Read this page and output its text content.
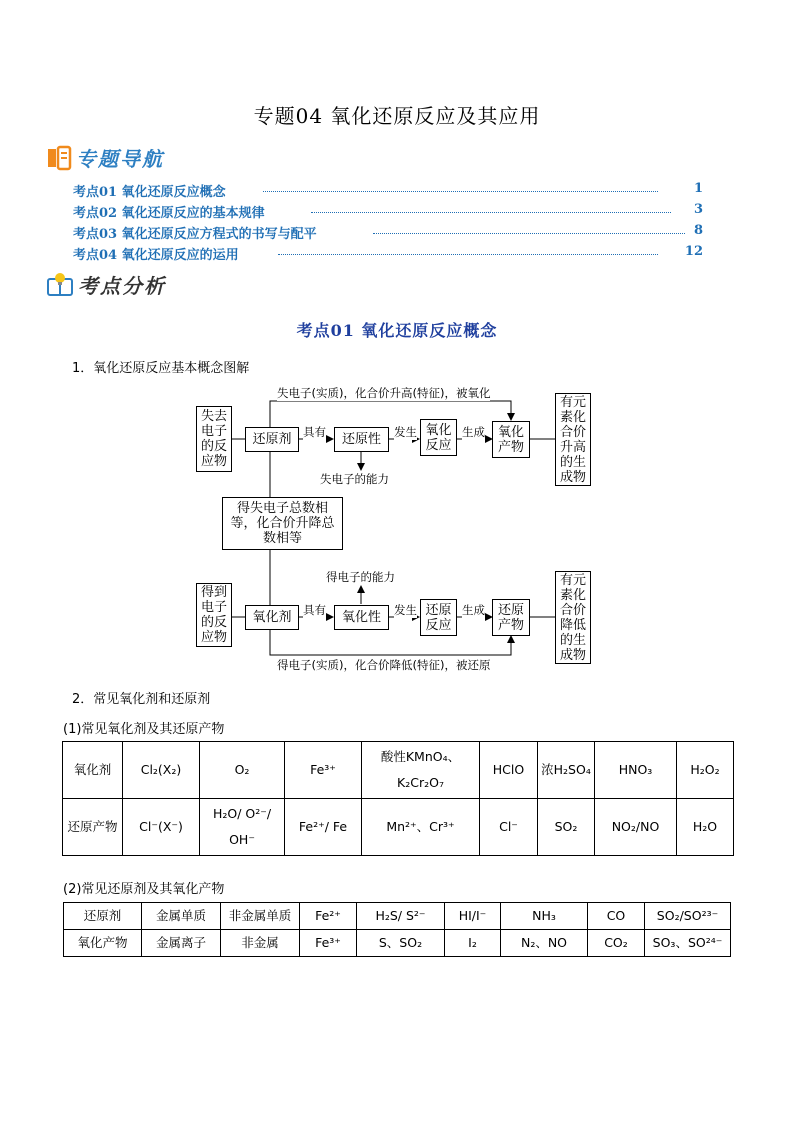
专题04 氧化还原反应及其应用
专题导航
考点01 氧化还原反应概念	1
考点02 氧化还原反应的基本规律	3
考点03 氧化还原反应方程式的书写与配平	8
考点04 氧化还原反应的运用	12
考点分析
考点01 氧化还原反应概念
1．氧化还原反应基本概念图解
失电子(实质)，化合价升高(特征)，被氧化
失去电子的反应物
还原剂	具有	还原性	发生 氧化反应
生成 氧化产物
有元素化合价升高的生成物
失电子的能力
得失电子总数相等，化合价升降总数相等
得电子的能力
得到电子的反应物
氧化剂	具有	氧化性	发生 还原反应
生成 还原产物
有元素化合价降低的生成物
得电子(实质)，化合价降低(特征)，被还原
2．常见氧化剂和还原剂
(1)常见氧化剂及其还原产物
氧化剂	Cl₂(X₂)	O₂	Fe³⁺	酸性KMnO₄、K₂Cr₂O₇	HClO	浓H₂SO₄	HNO₃	H₂O₂
还原产物	Cl⁻(X⁻)	H₂O/ O²⁻/ OH⁻	Fe²⁺/ Fe	Mn²⁺、Cr³⁺	Cl⁻	SO₂	NO₂/NO	H₂O
(2)常见还原剂及其氧化产物
还原剂	金属单质	非金属单质	Fe²⁺	H₂S/ S²⁻	HI/I⁻	NH₃	CO	SO₂/SO²³⁻
氧化产物	金属离子	非金属	Fe³⁺	S、SO₂	I₂	N₂、NO	CO₂	SO₃、SO²⁴⁻
